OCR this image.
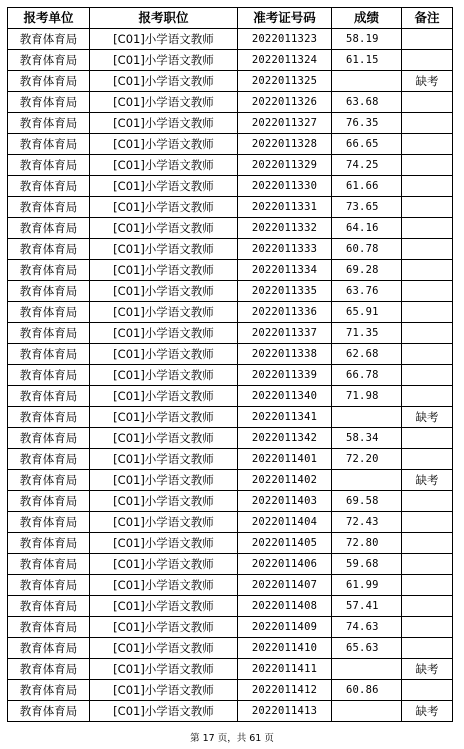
报考单位	报考职位	准考证号码	成绩	备注
教育体育局	[C01]小学语文教师	2022011323	58.19	
教育体育局	[C01]小学语文教师	2022011324	61.15	
教育体育局	[C01]小学语文教师	2022011325		缺考
教育体育局	[C01]小学语文教师	2022011326	63.68	
教育体育局	[C01]小学语文教师	2022011327	76.35	
教育体育局	[C01]小学语文教师	2022011328	66.65	
教育体育局	[C01]小学语文教师	2022011329	74.25	
教育体育局	[C01]小学语文教师	2022011330	61.66	
教育体育局	[C01]小学语文教师	2022011331	73.65	
教育体育局	[C01]小学语文教师	2022011332	64.16	
教育体育局	[C01]小学语文教师	2022011333	60.78	
教育体育局	[C01]小学语文教师	2022011334	69.28	
教育体育局	[C01]小学语文教师	2022011335	63.76	
教育体育局	[C01]小学语文教师	2022011336	65.91	
教育体育局	[C01]小学语文教师	2022011337	71.35	
教育体育局	[C01]小学语文教师	2022011338	62.68	
教育体育局	[C01]小学语文教师	2022011339	66.78	
教育体育局	[C01]小学语文教师	2022011340	71.98	
教育体育局	[C01]小学语文教师	2022011341		缺考
教育体育局	[C01]小学语文教师	2022011342	58.34	
教育体育局	[C01]小学语文教师	2022011401	72.20	
教育体育局	[C01]小学语文教师	2022011402		缺考
教育体育局	[C01]小学语文教师	2022011403	69.58	
教育体育局	[C01]小学语文教师	2022011404	72.43	
教育体育局	[C01]小学语文教师	2022011405	72.80	
教育体育局	[C01]小学语文教师	2022011406	59.68	
教育体育局	[C01]小学语文教师	2022011407	61.99	
教育体育局	[C01]小学语文教师	2022011408	57.41	
教育体育局	[C01]小学语文教师	2022011409	74.63	
教育体育局	[C01]小学语文教师	2022011410	65.63	
教育体育局	[C01]小学语文教师	2022011411		缺考
教育体育局	[C01]小学语文教师	2022011412	60.86	
教育体育局	[C01]小学语文教师	2022011413		缺考
第 17 页，共 61 页
